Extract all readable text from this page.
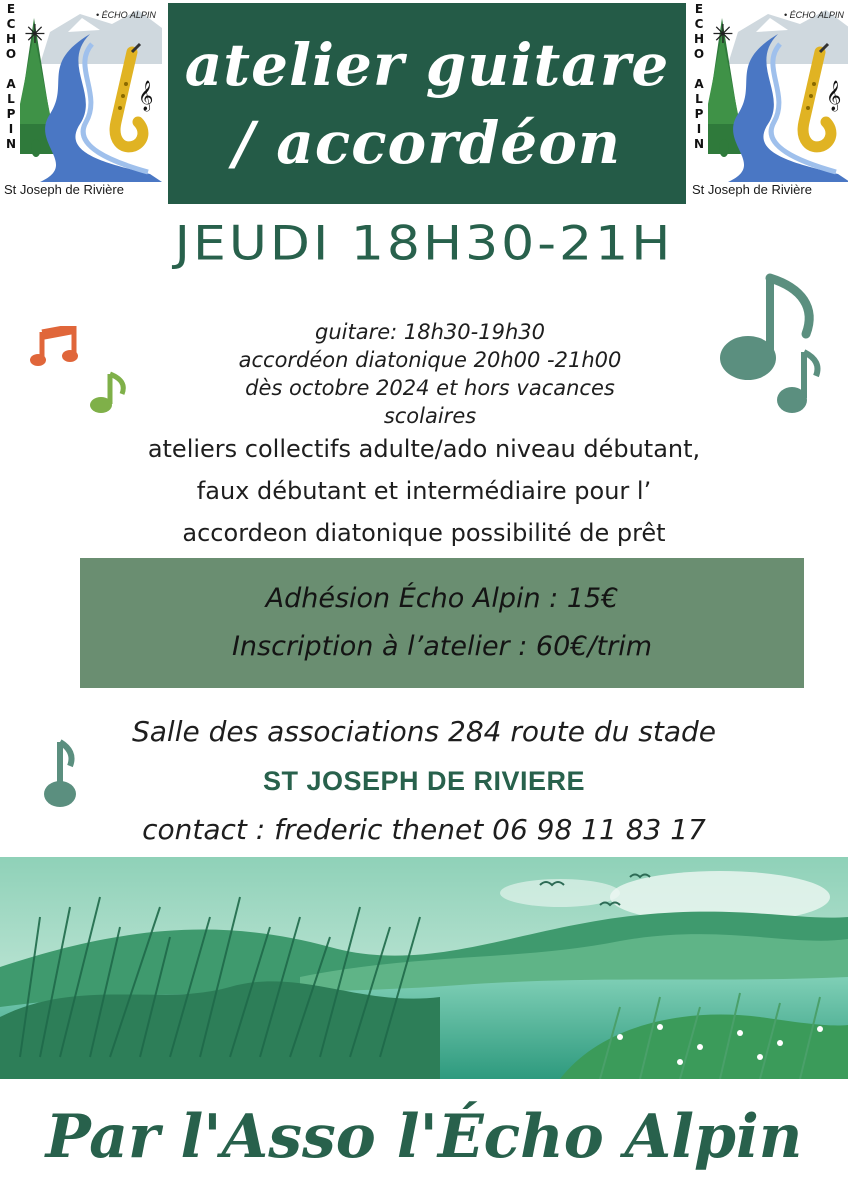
E
C
H
O

A
L
P
I
N
𝄞
✳
• ÉCHO ALPIN
St Joseph de Rivière
atelier guitare
/ accordéon
E
C
H
O

A
L
P
I
N
𝄞
✳
• ÉCHO ALPIN
St Joseph de Rivière
JEUDI 18H30-21H
guitare: 18h30-19h30
accordéon diatonique 20h00 -21h00
dès octobre 2024 et hors vacances
scolaires
ateliers collectifs adulte/ado niveau débutant,
faux débutant et intermédiaire pour l’
accordeon diatonique possibilité de prêt
Adhésion Écho Alpin : 15€
Inscription à l’atelier : 60€/trim
Salle des associations 284 route du stade
ST JOSEPH DE RIVIERE
contact : frederic thenet 06 98 11 83 17
Par l'Asso l'Écho Alpin
